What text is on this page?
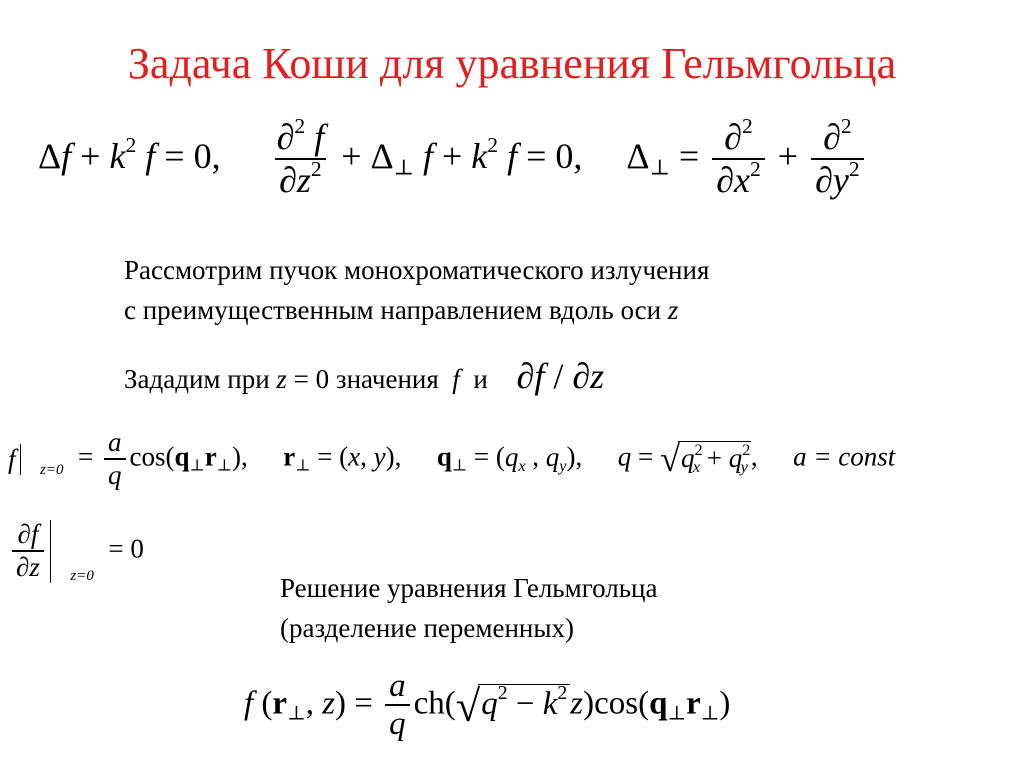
Задача Коши для уравнения Гельмгольца
$\Delta f + k^2$ f = 0, $\frac{\partial^2 f}{\partial z^2} + \Delta_\perp$ $f + k^2$ f = 0,  $\Delta_\perp = \frac{\partial^2}{\partial x^2} + \frac{\partial^2}{\partial y^2}$
Рассмотрим пучок монохроматического излучения
с преимущественным направлением вдоль оси z
Зададим при z = 0 значения f и ∂f / ∂z
f $z=0 = \frac{a}{q} \cos(q_\perp r_\perp)$,  $r_\perp = (x$, y),  $q_\perp = (q_x$ , $q_y$),  q = √ $q^2_x + q^2_y$ ,  a = const
$\frac{\partial f}{\partial z} z=0$
= 0
Решение уравнения Гельмгольца
(разделение переменных)
f ($r_\perp$, $z) = \frac{a}{q} ch$( √ $q^2 - k^2$ $z)\cos(q_\perp r_\perp)$
